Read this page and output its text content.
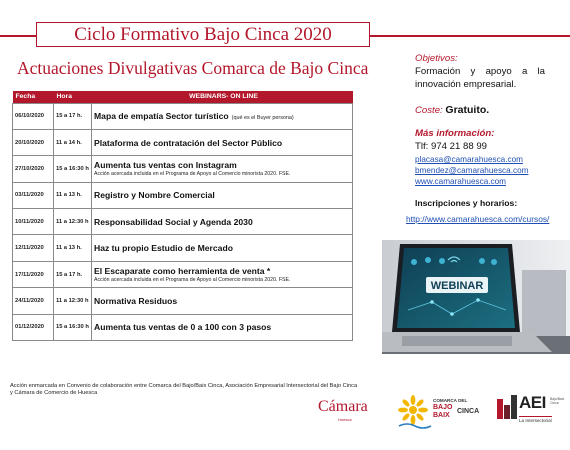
Ciclo Formativo Bajo Cinca 2020
Actuaciones Divulgativas Comarca de Bajo Cinca
Fecha	Hora	WEBINARS- ON LINE
06/10/2020	15 a 17 h.	Mapa de empatía Sector turístico (qué es el Buyer persona)
20/10/2020	11 a 14 h.	Plataforma de contratación del Sector Público
27/10/2020	15 a 16:30 h	Aumenta tus ventas con Instagram
Acción acercada incluida en el Programa de Apoyo al Comercio minorista 2020. FSE.

03/11/2020	11 a 13 h.	Registro y Nombre Comercial
10/11/2020	11 a 12:30 h	Responsabilidad Social y Agenda 2030
12/11/2020	11 a 13 h.	Haz tu propio Estudio de Mercado
17/11/2020	15 a 17 h.	El Escaparate como herramienta de venta *
Acción acercada incluida en el Programa de Apoyo al Comercio minorista 2020. FSE.

24/11/2020	11 a 12:30 h	Normativa Residuos
01/12/2020	15 a 16:30 h	Aumenta tus ventas de 0 a 100 con 3 pasos
Objetivos:
Formación y apoyo a la innovación empresarial.
Coste: Gratuito.
Más información:
Tlf: 974 21 88 99
placasa@camarahuesca.com
bmendez@camarahuesca.com
www.camarahuesca.com
Inscripciones y horarios:
http://www.camarahuesca.com/cursos/
WEBINAR
Acción enmarcada en Convenio de colaboración entre Comarca del Bajo/Baix Cinca, Asociación Empresarial Intersectorial del Bajo Cinca y Cámara de Comercio de Huesca
Cámara
Huesca
COMARCA DEL
BAJO
BAIX
CINCA AEI Bajo/Baix Cinca
La Intersectorial
